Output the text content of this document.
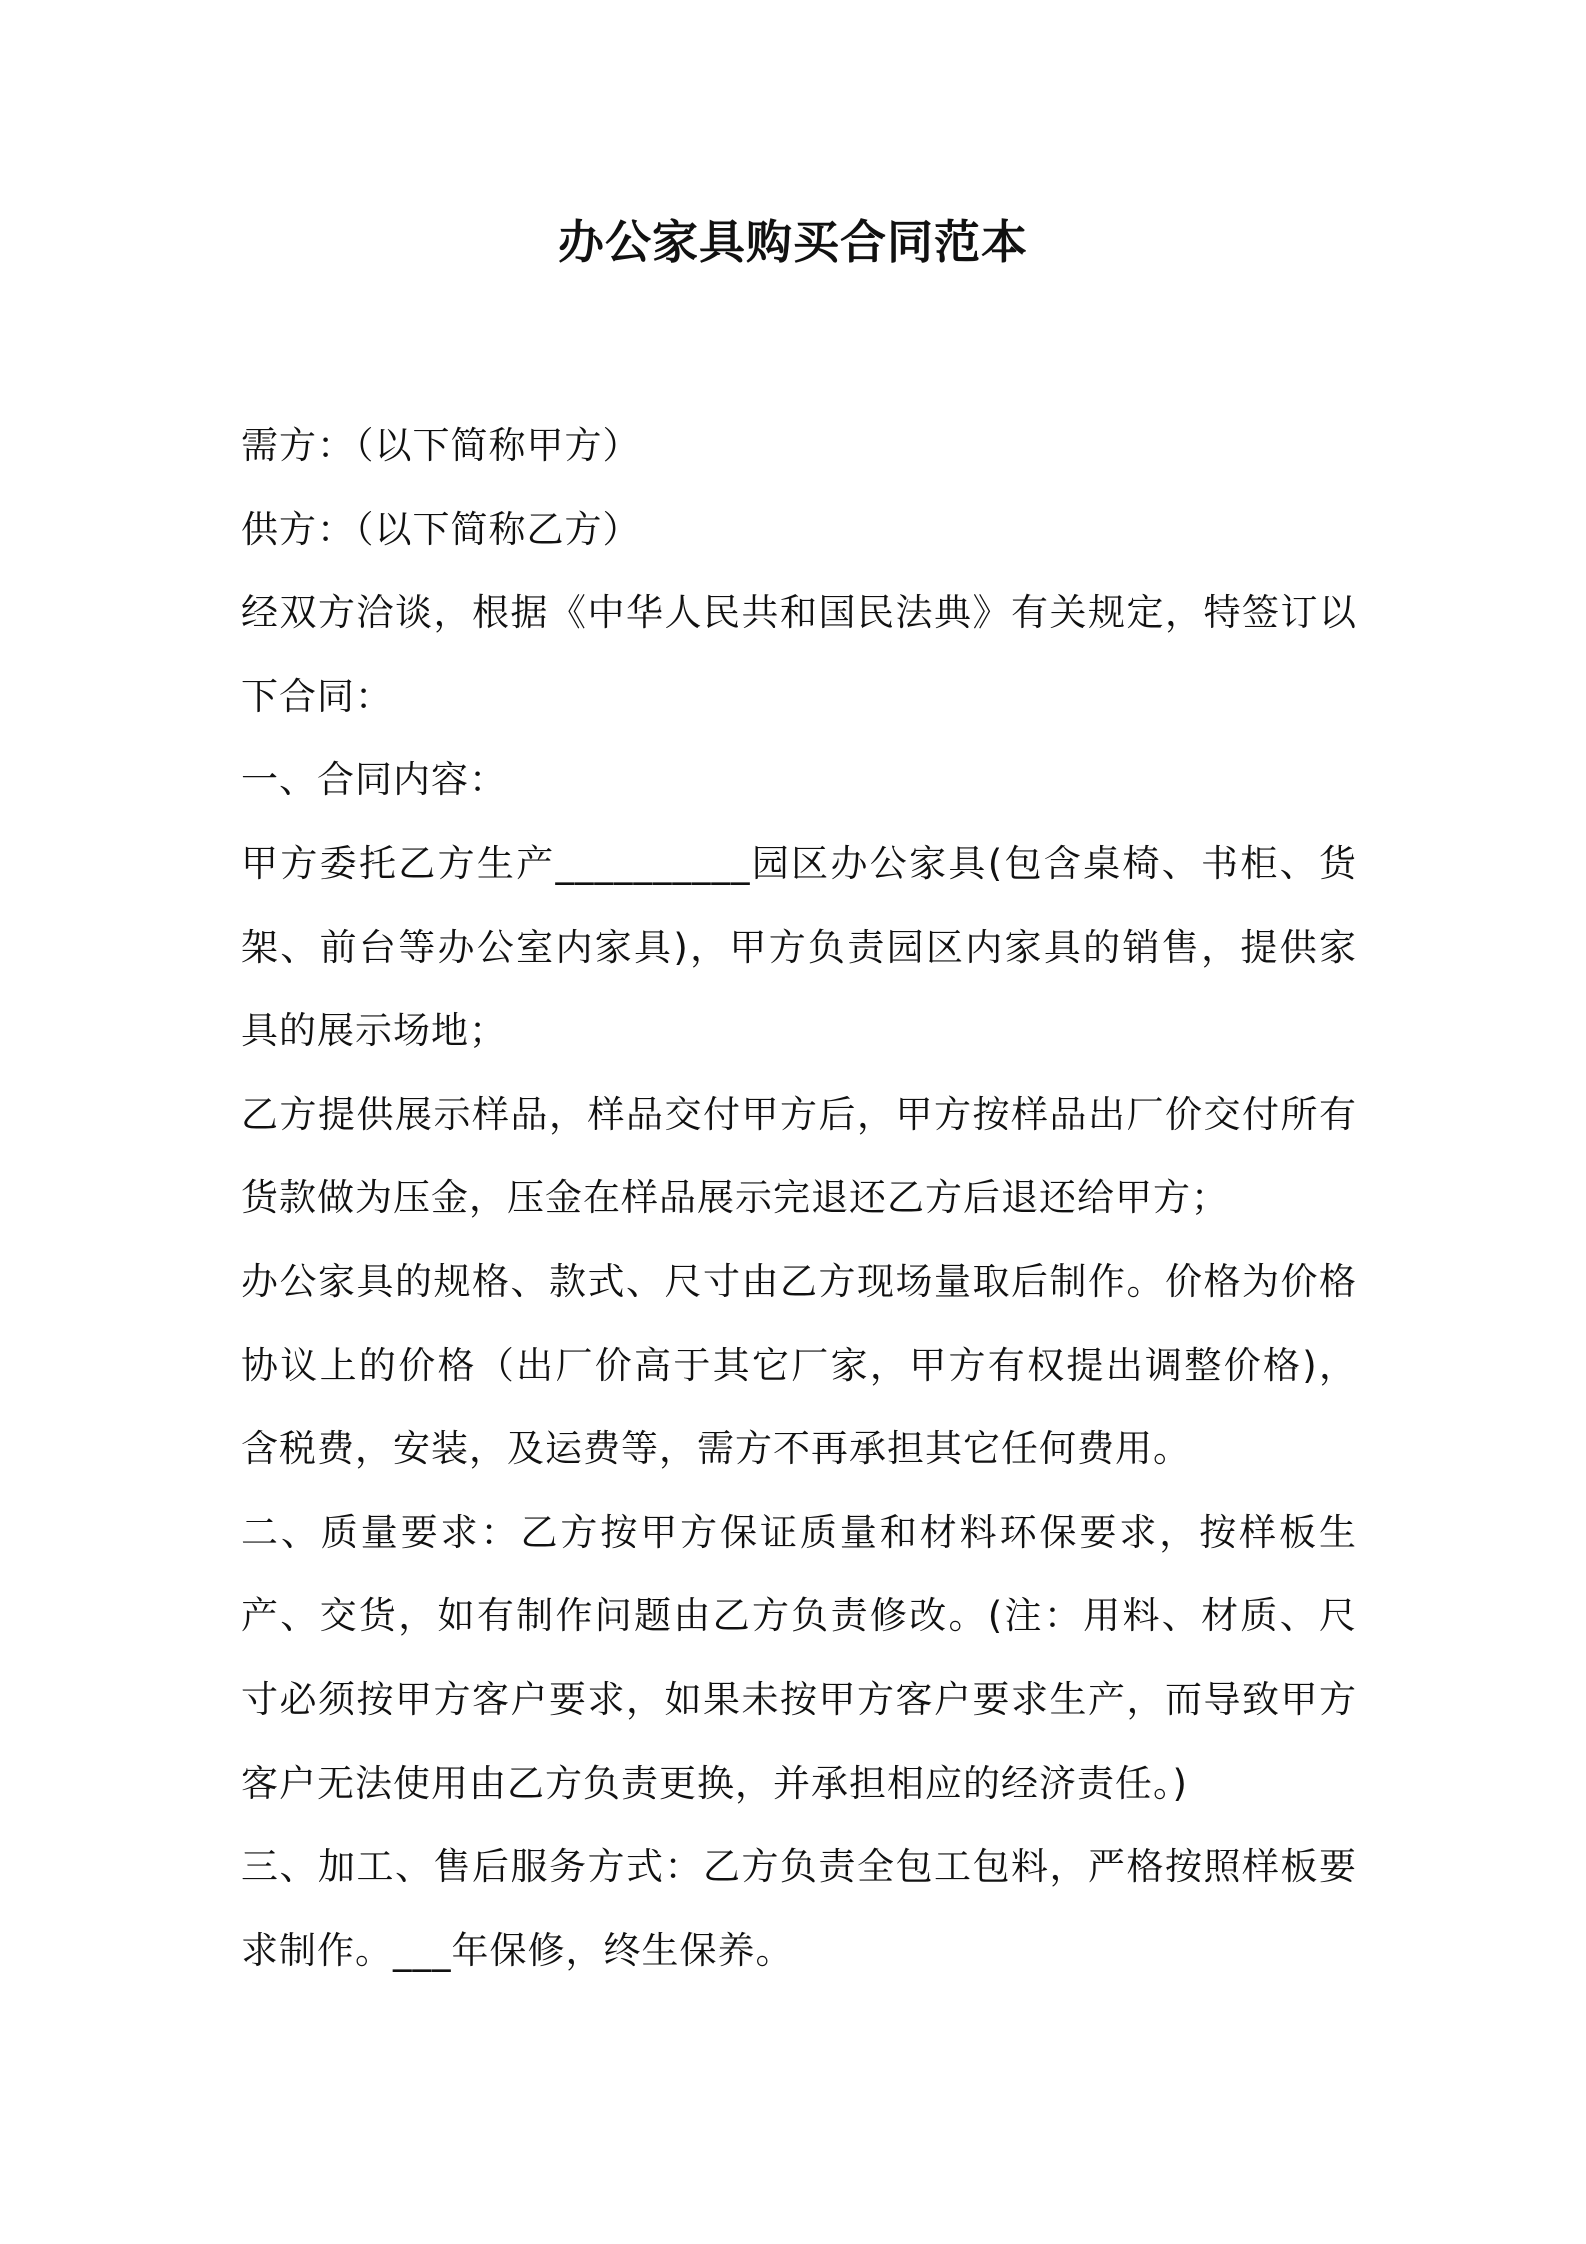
办公家具购买合同范本

需方：（以下简称甲方）

供方：（以下简称乙方）

经双方洽谈，根据《中华人民共和国民法典》有关规定，特签订以下合同：

一、合同内容：

甲方委托乙方生产__________园区办公家具(包含桌椅、书柜、货架、前台等办公室内家具)，甲方负责园区内家具的销售，提供家具的展示场地；

乙方提供展示样品，样品交付甲方后，甲方按样品出厂价交付所有货款做为压金，压金在样品展示完退还乙方后退还给甲方；

办公家具的规格、款式、尺寸由乙方现场量取后制作。价格为价格协议上的价格（出厂价高于其它厂家，甲方有权提出调整价格)，含税费，安装，及运费等，需方不再承担其它任何费用。

二、质量要求：乙方按甲方保证质量和材料环保要求，按样板生产、交货，如有制作问题由乙方负责修改。(注：用料、材质、尺寸必须按甲方客户要求，如果未按甲方客户要求生产，而导致甲方客户无法使用由乙方负责更换，并承担相应的经济责任。)

三、加工、售后服务方式：乙方负责全包工包料，严格按照样板要求制作。___年保修，终生保养。
